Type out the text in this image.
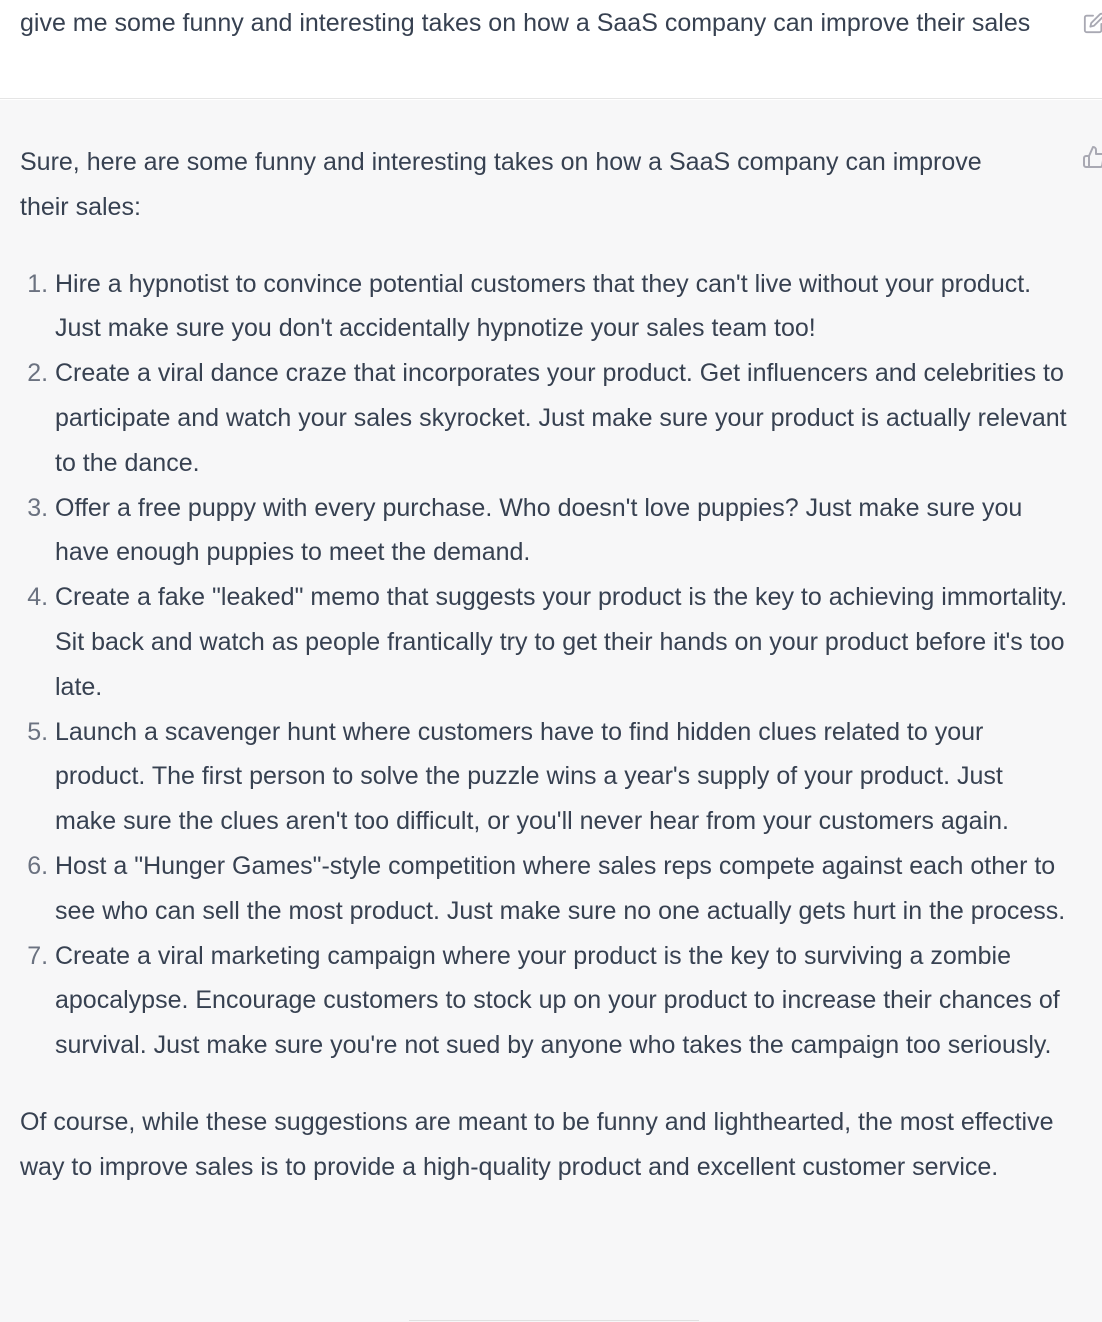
give me some funny and interesting takes on how a SaaS company can improve their sales

Sure, here are some funny and interesting takes on how a SaaS company can improve their sales:

1. Hire a hypnotist to convince potential customers that they can't live without your product. Just make sure you don't accidentally hypnotize your sales team too!
2. Create a viral dance craze that incorporates your product. Get influencers and celebrities to participate and watch your sales skyrocket. Just make sure your product is actually relevant to the dance.
3. Offer a free puppy with every purchase. Who doesn't love puppies? Just make sure you have enough puppies to meet the demand.
4. Create a fake "leaked" memo that suggests your product is the key to achieving immortality. Sit back and watch as people frantically try to get their hands on your product before it's too late.
5. Launch a scavenger hunt where customers have to find hidden clues related to your product. The first person to solve the puzzle wins a year's supply of your product. Just make sure the clues aren't too difficult, or you'll never hear from your customers again.
6. Host a "Hunger Games"-style competition where sales reps compete against each other to see who can sell the most product. Just make sure no one actually gets hurt in the process.
7. Create a viral marketing campaign where your product is the key to surviving a zombie apocalypse. Encourage customers to stock up on your product to increase their chances of survival. Just make sure you're not sued by anyone who takes the campaign too seriously.

Of course, while these suggestions are meant to be funny and lighthearted, the most effective way to improve sales is to provide a high-quality product and excellent customer service.
